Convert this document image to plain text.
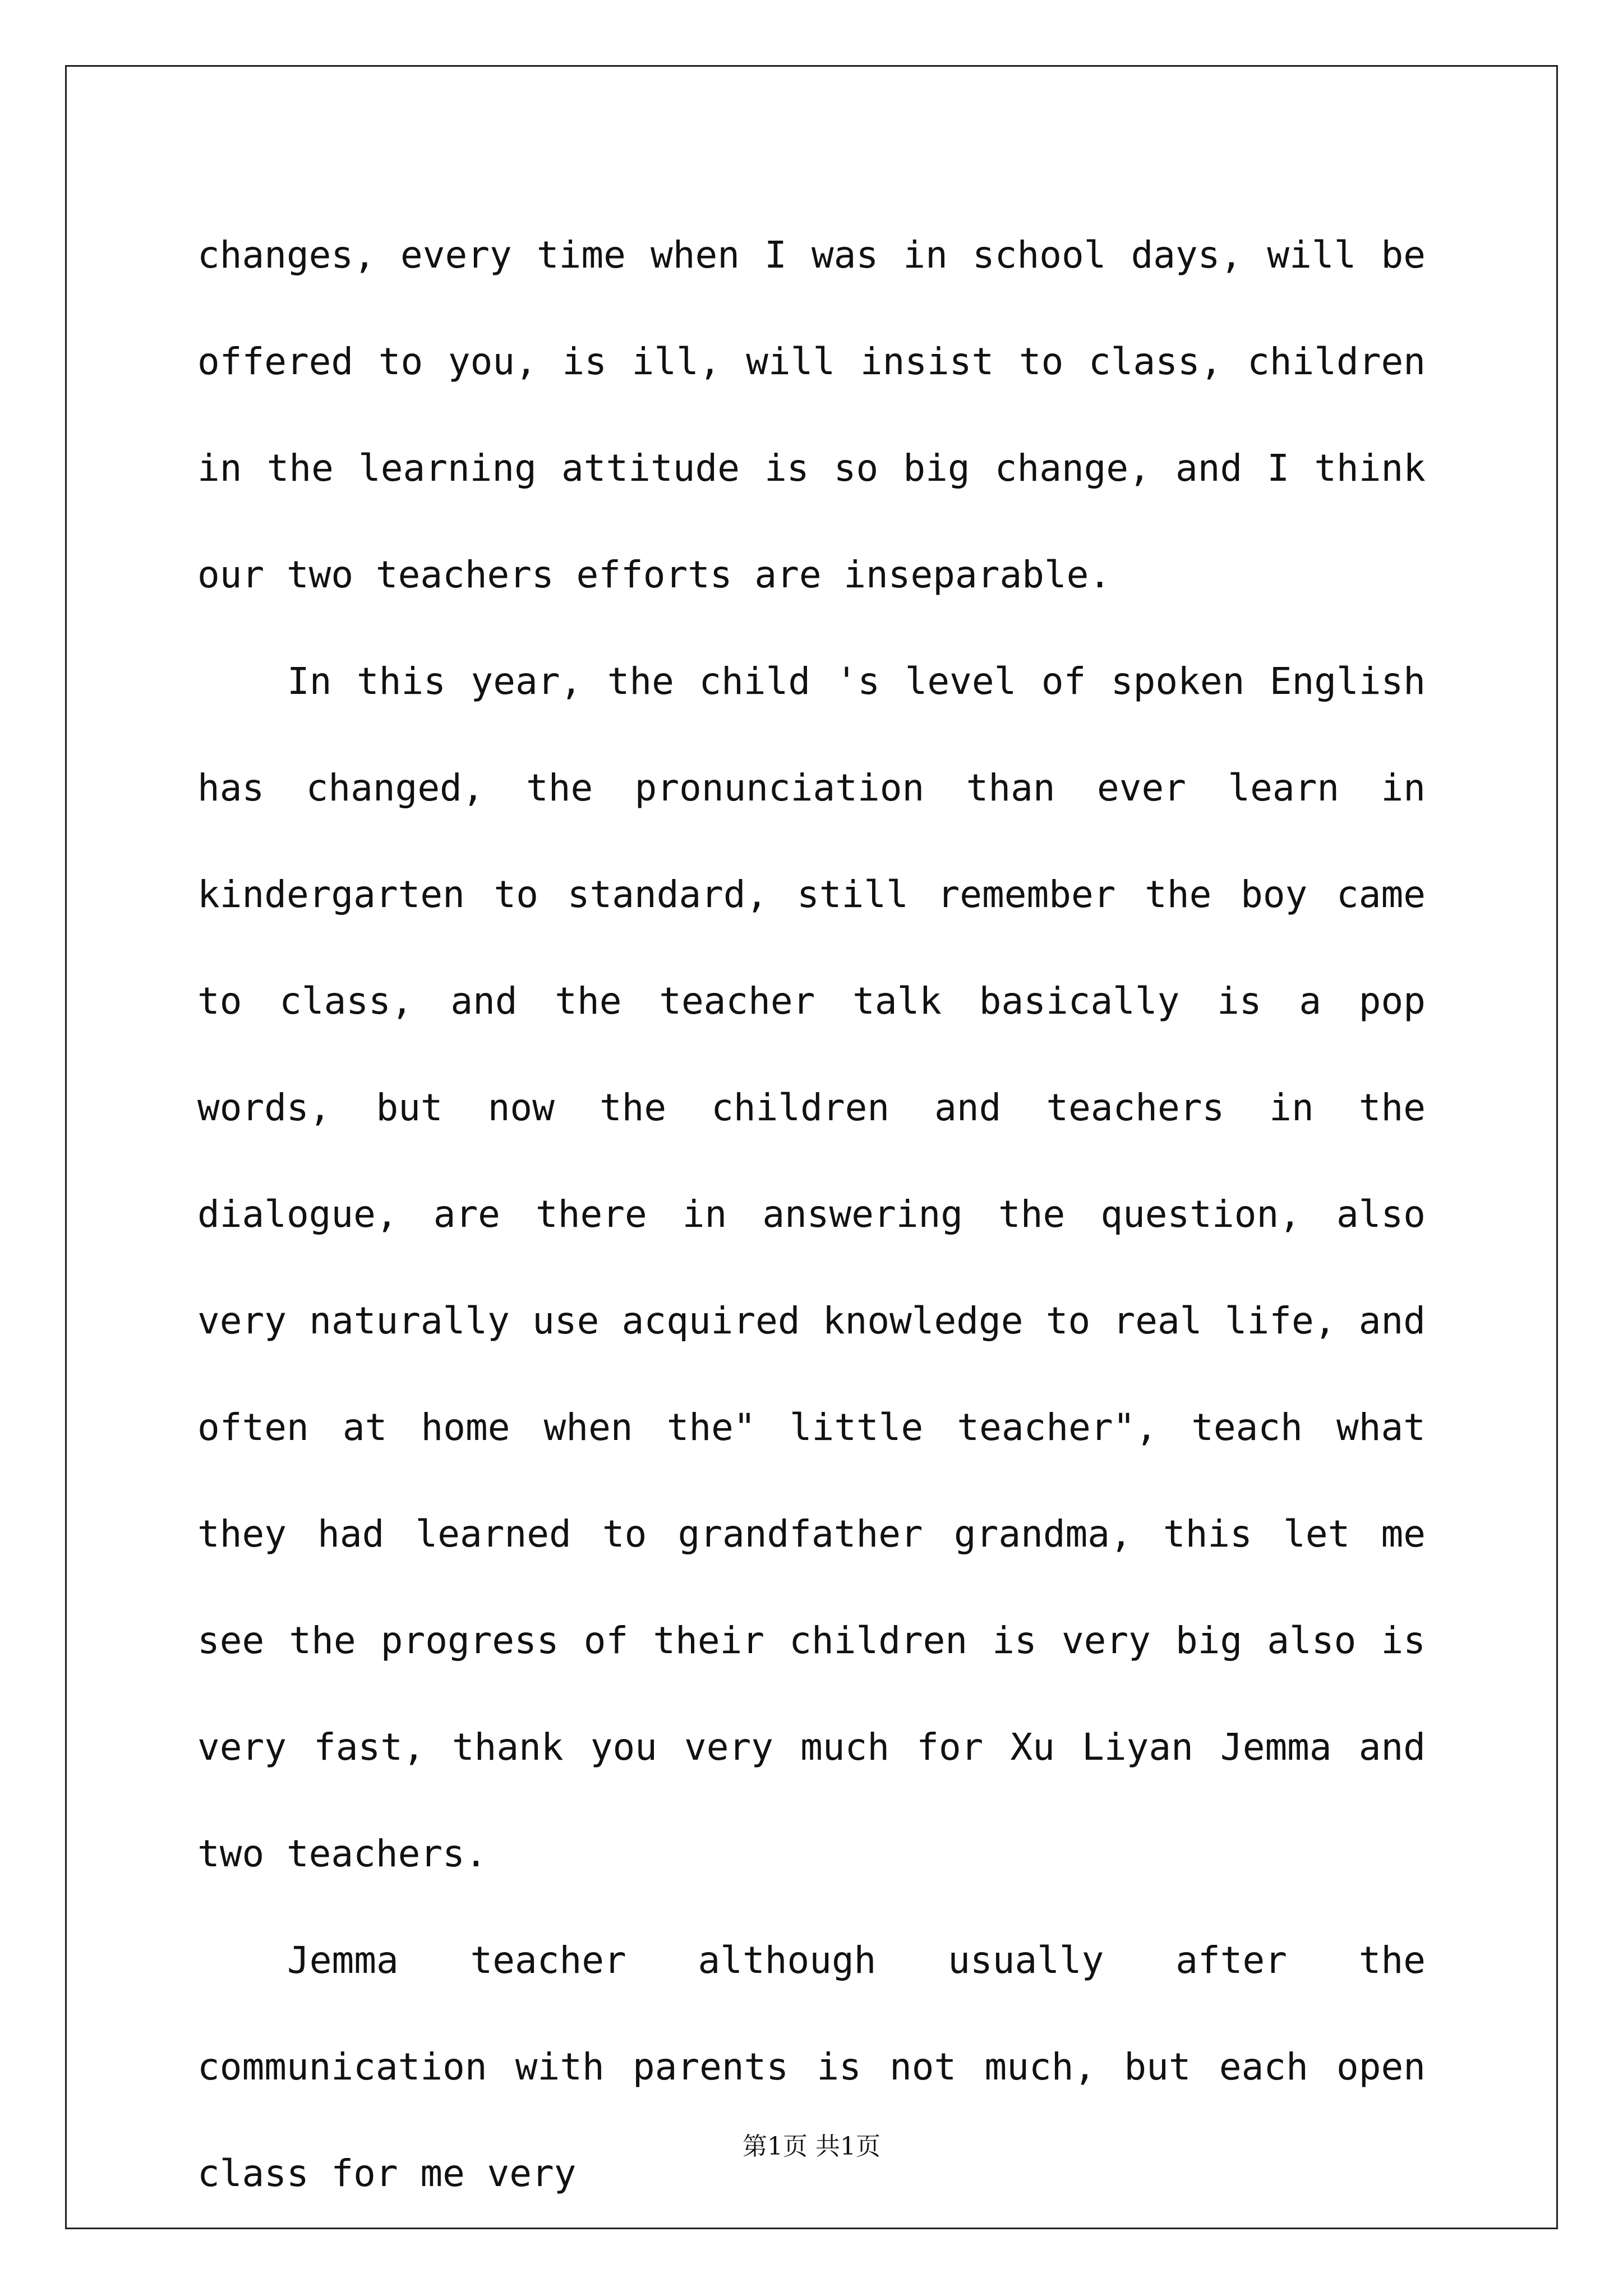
changes, every time when I was in school days, will be offered to you, is ill, will insist to class, children in the learning attitude is so big change, and I think our two teachers efforts are inseparable.

In this year, the child 's level of spoken English has changed, the pronunciation than ever learn in kindergarten to standard, still remember the boy came to class, and the teacher talk basically is a pop words, but now the children and teachers in the dialogue, are there in answering the question, also very naturally use acquired knowledge to real life, and often at home when the" little teacher", teach what they had learned to grandfather grandma, this let me see the progress of their children is very big also is very fast, thank you very much for Xu Liyan Jemma and two teachers.

Jemma teacher although usually after the communication with parents is not much, but each open class for me very

第1页 共1页
